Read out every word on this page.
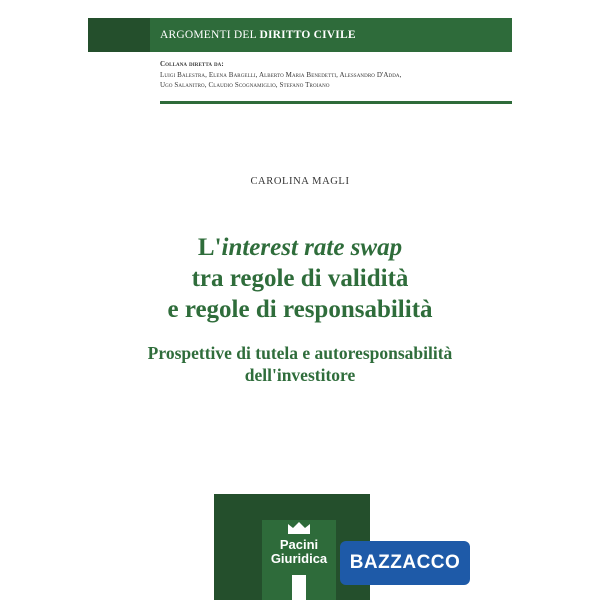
ARGOMENTI DEL DIRITTO CIVILE
Collana diretta da:
Luigi Balestra, Elena Bargelli, Alberto Maria Benedetti, Alessandro D'Adda,
Ugo Salanitro, Claudio Scognamiglio, Stefano Troiano
CAROLINA MAGLI
L'interest rate swap
tra regole di validità
e regole di responsabilità
Prospettive di tutela e autoresponsabilità
dell'investitore
Pacini
Giuridica	BAZZACCO
